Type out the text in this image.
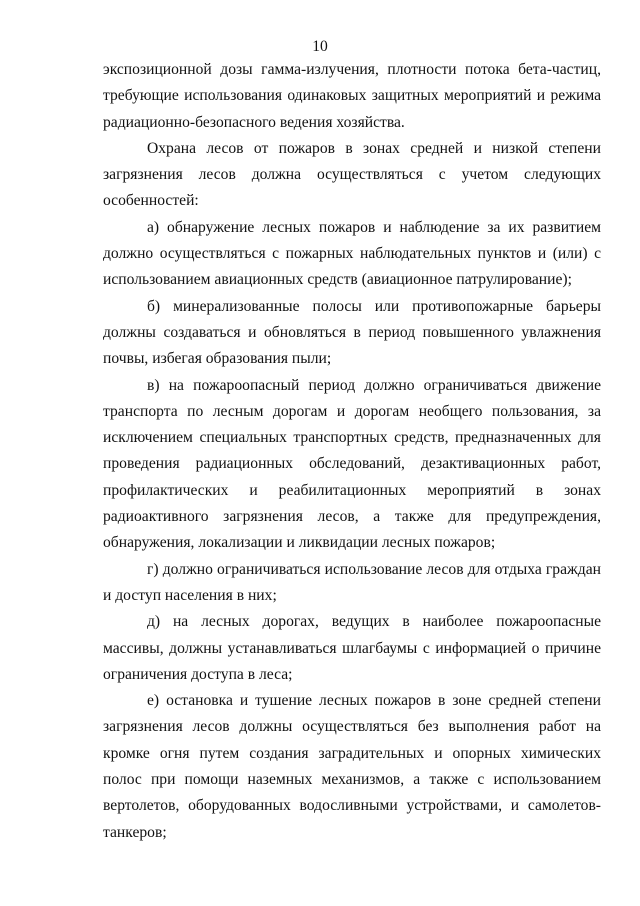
10

экспозиционной дозы гамма-излучения, плотности потока бета-частиц, требующие использования одинаковых защитных мероприятий и режима радиационно-безопасного ведения хозяйства.

Охрана лесов от пожаров в зонах средней и низкой степени загрязнения лесов должна осуществляться с учетом следующих особенностей:

а) обнаружение лесных пожаров и наблюдение за их развитием должно осуществляться с пожарных наблюдательных пунктов и (или) с использованием авиационных средств (авиационное патрулирование);

б) минерализованные полосы или противопожарные барьеры должны создаваться и обновляться в период повышенного увлажнения почвы, избегая образования пыли;

в) на пожароопасный период должно ограничиваться движение транспорта по лесным дорогам и дорогам необщего пользования, за исключением специальных транспортных средств, предназначенных для проведения радиационных обследований, дезактивационных работ, профилактических и реабилитационных мероприятий в зонах радиоактивного загрязнения лесов, а также для предупреждения, обнаружения, локализации и ликвидации лесных пожаров;

г) должно ограничиваться использование лесов для отдыха граждан и доступ населения в них;

д) на лесных дорогах, ведущих в наиболее пожароопасные массивы, должны устанавливаться шлагбаумы с информацией о причине ограничения доступа в леса;

е) остановка и тушение лесных пожаров в зоне средней степени загрязнения лесов должны осуществляться без выполнения работ на кромке огня путем создания заградительных и опорных химических полос при помощи наземных механизмов, а также с использованием вертолетов, оборудованных водосливными устройствами, и самолетов-танкеров;
